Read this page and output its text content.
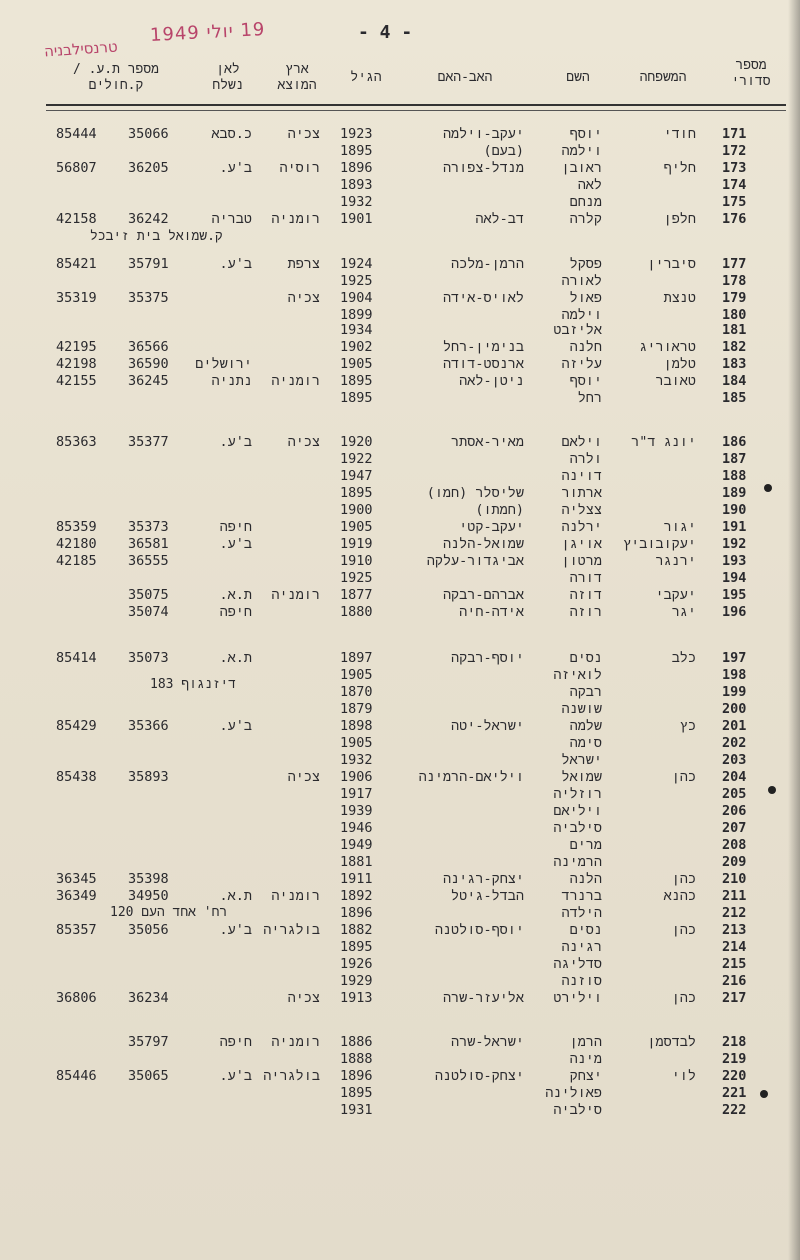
טרנסילבניה
19 יולי 1949	- 4 -
מספר סדורי
המשפחה
השם
האב-האם
הגיל
ארץ המוצא
לאן נשלח
מספר ת.ע. / ק.חולים
85444	35066	כ.סבא	צכיה 1923	יעקב-וילמה	יוסף	חודי 171
1895	(בעם)	וילמה	172
56807	36205	ב'ע.	רוסיה 1896	מנדל-צפורה	ראובן	חליף 173
1893	לאה	174
1932	מנחם	175
42158	36242	טבריה	רומניה 1901	דב-לאה	קלרה	חלפן 176
85421	35791	ב'ע.	צרפת 1924	הרמן-מלכה	פסקל	סיברין 177
1925	לאורה	178
35319	35375	צכיה 1904	לאויס-אידה	פאול	טנצת 179
1899	וילמה	180
1934	אליזבט	181
42195	36566	1902	בנימין-רחל	חלנה	טראוריג 182
42198	36590	ירושלים	1905	ארנסט-דודה	עליזה	טלמן 183
42155	36245	נתניה	רומניה 1895	ניטן-לאה	יוסף	טאובר 184
1895	רחל	185
85363	35377	ב'ע.	צכיה 1920	מאיר-אסתר	וילאם	יונג ד"ר 186
1922	ולרה	187
1947	דוינה	188
1895	שליסלר (חמו)	ארתור	189
1900	(חמתו)	צצליה	190
85359	35373	חיפה	1905	יעקב-קטי	ירלנה	יגור 191
42180	36581	ב'ע.	1919	שמואל-הלנה	אויגן	יעקובוביץ 192
42185	36555	1910	אביגדור-עלקה	מרטון	ירנגר 193
1925	דורה	194
35075	ת.א.	רומניה 1877	אברהם-רבקה	דוזה	יעקבי 195
35074	חיפה	1880	אידה-חיה	רוזה	יגר 196
85414	35073	ת.א.	1897	יוסף-רבקה	נסים	כלב 197
1905	לואיזה	198
1870	רבקה	199
1879	שושנה	200
85429	35366	ב'ע.	1898	ישראל-יטה	שלמה	כץ 201
1905	סימה	202
1932	ישראל	203
85438	35893	צכיה 1906	ויליאם-הרמינה	שמואל	כהן 204
1917	רוזליה	205
1939	ויליאם	206
1946	סילביה	207
1949	מרים	208
1881	הרמינה	209
36345	35398	1911	יצחק-רגינה	הלנה	כהן 210
36349	34950	ת.א.	רומניה 1892	הבדל-גיטל	ברנרד	כהנא 211
1896	הילדה	212
85357	35056	ב'ע. בולגריה 1882	יוסף-סולטנה	נסים	כהן 213
1895	רגינה	214
1926	סדליגה	215
1929	סוזנה	216
36806	36234	צכיה 1913	אליעזר-שרה	וילירט	כהן 217
35797	חיפה	רומניה 1886	ישראל-שרה	הרמן	לבדסמן 218
1888	מינה	219
85446	35065	ב'ע. בולגריה 1896	יצחק-סולטנה	יצחק	לוי 220
1895	פאולינה	221
1931	סילביה	222
ק.שמואל בית זיבכל
דיזנגוף 183
רח' אחד העם 120
